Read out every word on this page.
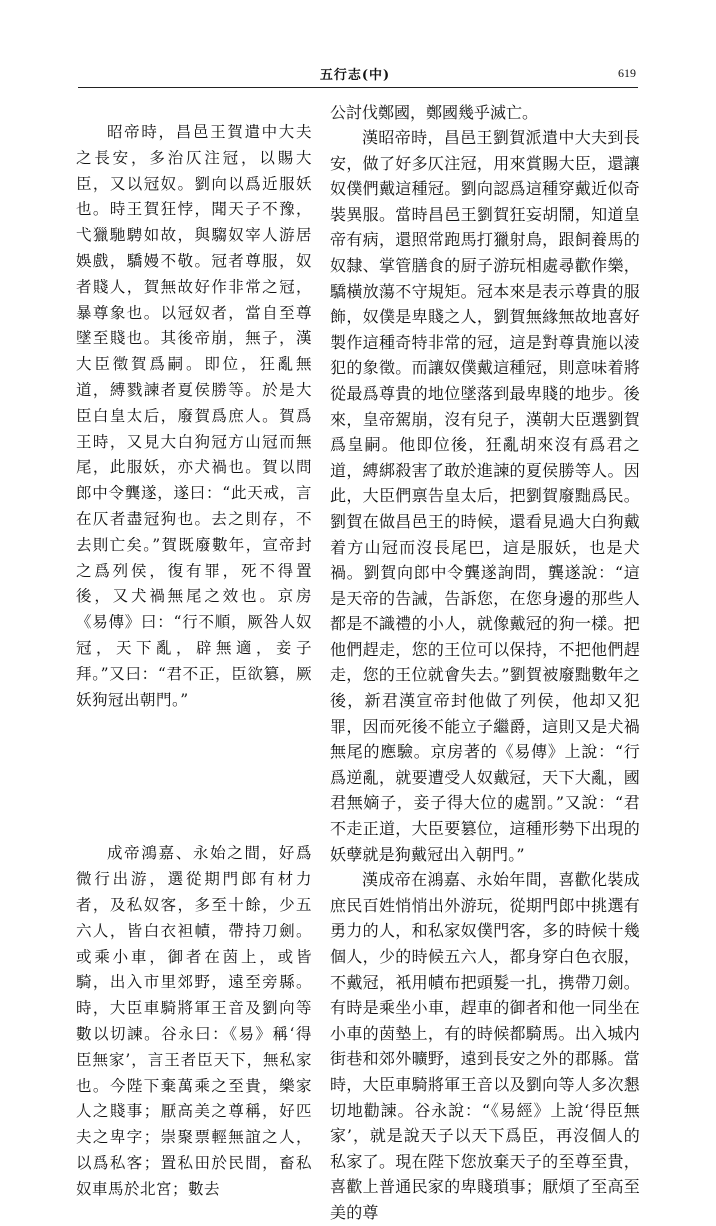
五行志(中)	619

昭帝時，昌邑王賀遣中大夫之長安，多治仄注冠，以賜大臣，又以冠奴。劉向以爲近服妖也。時王賀狂悖，聞天子不豫，弋獵馳騁如故，與騶奴宰人游居娛戲，驕嫚不敬。冠者尊服，奴者賤人，賀無故好作非常之冠，暴尊象也。以冠奴者，當自至尊墜至賤也。其後帝崩，無子，漢大臣徵賀爲嗣。即位，狂亂無道，縛戮諫者夏侯勝等。於是大臣白皇太后，廢賀爲庶人。賀爲王時，又見大白狗冠方山冠而無尾，此服妖，亦犬禍也。賀以問郎中令龔遂，遂曰：“此天戒，言在仄者盡冠狗也。去之則存，不去則亡矣。”賀既廢數年，宣帝封之爲列侯，復有罪，死不得置後，又犬禍無尾之效也。京房《易傳》曰：“行不順，厥咎人奴冠，天下亂，辟無適，妾子拜。”又曰：“君不正，臣欲篡，厥妖狗冠出朝門。”

成帝鴻嘉、永始之間，好爲微行出游，選從期門郎有材力者，及私奴客，多至十餘，少五六人，皆白衣袒幘，帶持刀劍。或乘小車，御者在茵上，或皆騎，出入市里郊野，遠至旁縣。時，大臣車騎將軍王音及劉向等數以切諫。谷永曰：《易》稱‘得臣無家’，言王者臣天下，無私家也。今陛下棄萬乘之至貴，樂家人之賤事；厭高美之尊稱，好匹夫之卑字；崇聚票輕無誼之人，以爲私客；置私田於民間，畜私奴車馬於北宮；數去

公討伐鄭國，鄭國幾乎滅亡。

漢昭帝時，昌邑王劉賀派遣中大夫到長安，做了好多仄注冠，用來賞賜大臣，還讓奴僕們戴這種冠。劉向認爲這種穿戴近似奇裝異服。當時昌邑王劉賀狂妄胡鬧，知道皇帝有病，還照常跑馬打獵射鳥，跟飼養馬的奴隸、掌管膳食的厨子游玩相處尋歡作樂，驕橫放蕩不守規矩。冠本來是表示尊貴的服飾，奴僕是卑賤之人，劉賀無緣無故地喜好製作這種奇特非常的冠，這是對尊貴施以淩犯的象徵。而讓奴僕戴這種冠，則意味着將從最爲尊貴的地位墜落到最卑賤的地步。後來，皇帝駕崩，沒有兒子，漢朝大臣選劉賀爲皇嗣。他即位後，狂亂胡來沒有爲君之道，縛綁殺害了敢於進諫的夏侯勝等人。因此，大臣們禀告皇太后，把劉賀廢黜爲民。劉賀在做昌邑王的時候，還看見過大白狗戴着方山冠而沒長尾巴，這是服妖，也是犬禍。劉賀向郎中令龔遂詢問，龔遂說：“這是天帝的告誡，告訴您，在您身邊的那些人都是不識禮的小人，就像戴冠的狗一樣。把他們趕走，您的王位可以保持，不把他們趕走，您的王位就會失去。”劉賀被廢黜數年之後，新君漢宣帝封他做了列侯，他却又犯罪，因而死後不能立子繼爵，這則又是犬禍無尾的應驗。京房著的《易傳》上說：“行爲逆亂，就要遭受人奴戴冠，天下大亂，國君無嫡子，妾子得大位的處罰。”又說：“君不走正道，大臣要篡位，這種形勢下出現的妖孽就是狗戴冠出入朝門。”

漢成帝在鴻嘉、永始年間，喜歡化裝成庶民百姓悄悄出外游玩，從期門郎中挑選有勇力的人，和私家奴僕門客，多的時候十幾個人，少的時候五六人，都身穿白色衣服，不戴冠，衹用幘布把頭髮一扎，携帶刀劍。有時是乘坐小車，趕車的御者和他一同坐在小車的茵墊上，有的時候都騎馬。出入城内街巷和郊外曠野，遠到長安之外的郡縣。當時，大臣車騎將軍王音以及劉向等人多次懇切地勸諫。谷永說：“《易經》上說‘得臣無家’，就是說天子以天下爲臣，再沒個人的私家了。現在陛下您放棄天子的至尊至貴，喜歡上普通民家的卑賤瑣事；厭煩了至高至美的尊
